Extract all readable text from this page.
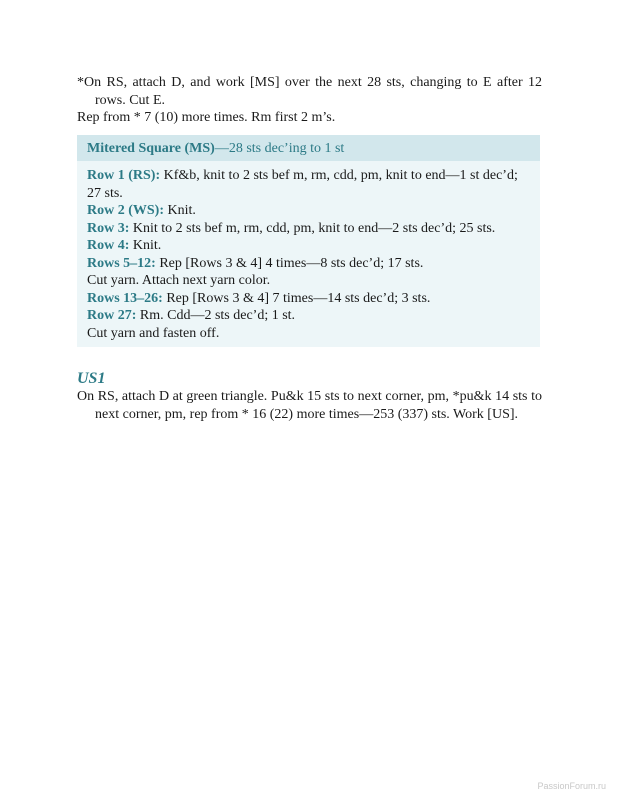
*On RS, attach D, and work [MS] over the next 28 sts, changing to E after 12 rows. Cut E.

Rep from * 7 (10) more times. Rm first 2 m’s.

Mitered Square (MS)—28 sts dec’ing to 1 st

Row 1 (RS): Kf&b, knit to 2 sts bef m, rm, cdd, pm, knit to end—1 st dec’d; 27 sts.

Row 2 (WS): Knit.

Row 3: Knit to 2 sts bef m, rm, cdd, pm, knit to end—2 sts dec’d; 25 sts.

Row 4: Knit.

Rows 5–12: Rep [Rows 3 & 4] 4 times—8 sts dec’d; 17 sts.

Cut yarn. Attach next yarn color.

Rows 13–26: Rep [Rows 3 & 4] 7 times—14 sts dec’d; 3 sts.

Row 27: Rm. Cdd—2 sts dec’d; 1 st.

Cut yarn and fasten off.

US1

On RS, attach D at green triangle. Pu&k 15 sts to next corner, pm, *pu&k 14 sts to next corner, pm, rep from * 16 (22) more times—253 (337) sts. Work [US].

PassionForum.ru
